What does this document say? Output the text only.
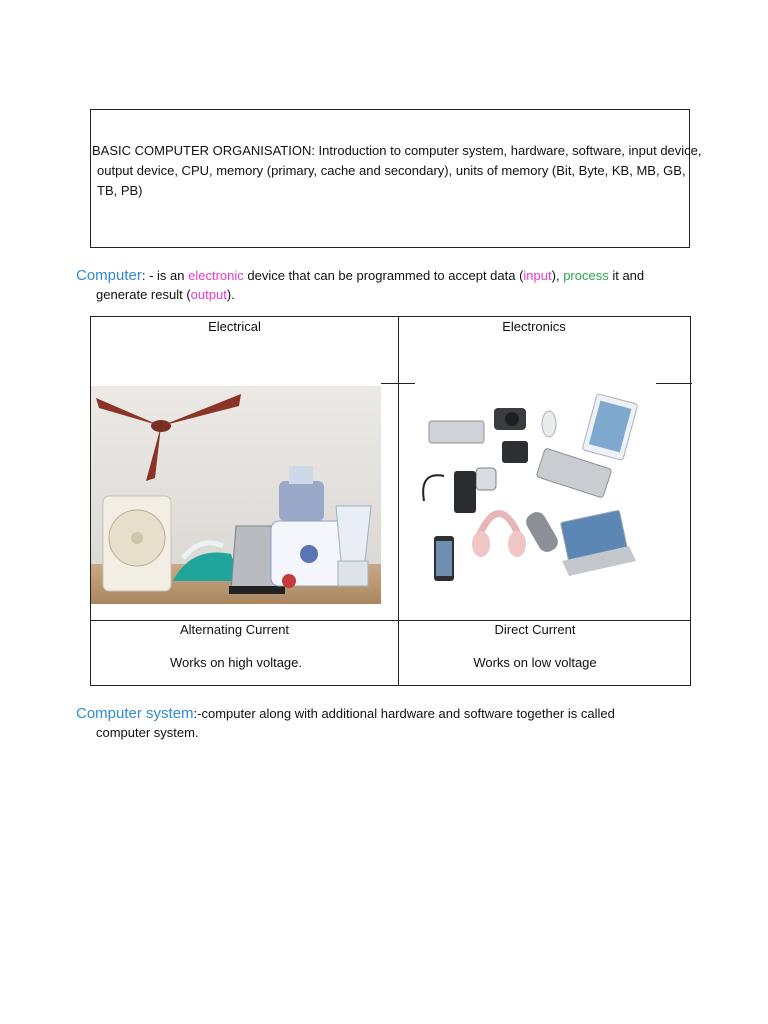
BASIC COMPUTER ORGANISATION: Introduction to computer system, hardware, software, input device,
output device, CPU, memory (primary, cache and secondary), units of memory (Bit, Byte, KB, MB, GB,
TB, PB)
Computer: - is an electronic device that can be programmed to accept data (input), process it and
generate result (output).
Electrical	Electronics
Alternating Current	Direct Current
Works on high voltage.	Works on low voltage
Computer system:-computer along with additional hardware and software together is called
computer system.
